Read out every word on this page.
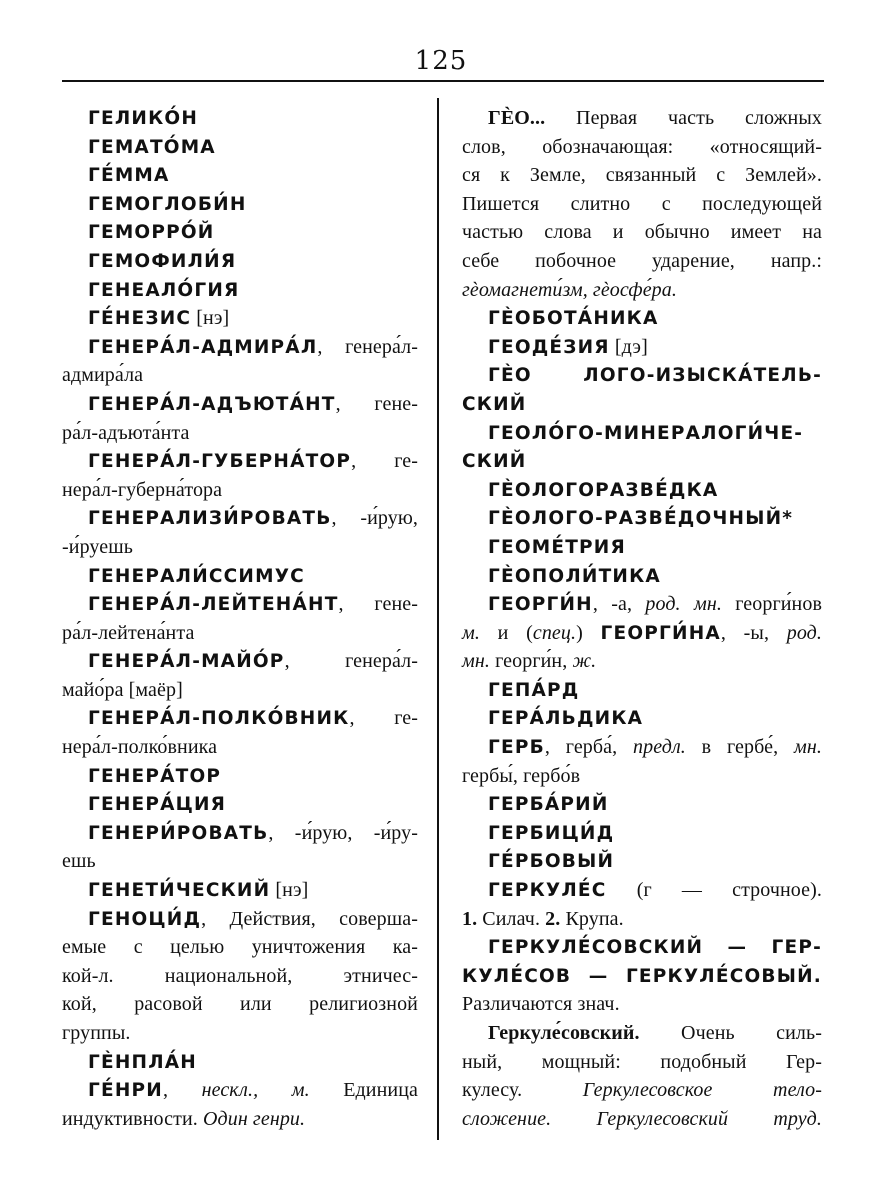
125
ГЕЛИКО́Н
ГЕМАТО́МА
ГЕ́ММА
ГЕМОГЛОБИ́Н
ГЕМОРРО́Й
ГЕМОФИЛИ́Я
ГЕНЕАЛО́ГИЯ
ГЕ́НЕЗИС [нэ]
ГЕНЕРА́Л-АДМИРА́Л, генера́л-
адмира́ла
ГЕНЕРА́Л-АДЪЮТА́НТ, гене-
ра́л-адъюта́нта
ГЕНЕРА́Л-ГУБЕРНА́ТОР, ге-
нера́л-губерна́тора
ГЕНЕРАЛИЗИ́РОВАТЬ, -и́рую,
-и́руешь
ГЕНЕРАЛИ́ССИМУС
ГЕНЕРА́Л-ЛЕЙТЕНА́НТ, гене-
ра́л-лейтена́нта
ГЕНЕРА́Л-МАЙО́Р, генера́л-
майо́ра [маёр]
ГЕНЕРА́Л-ПОЛКО́ВНИК, ге-
нера́л-полко́вника
ГЕНЕРА́ТОР
ГЕНЕРА́ЦИЯ
ГЕНЕРИ́РОВАТЬ, -и́рую, -и́ру-
ешь
ГЕНЕТИ́ЧЕСКИЙ [нэ]
ГЕНОЦИ́Д, Действия, соверша-
емые с целью уничтожения ка-
кой-л. национальной, этничес-
кой, расовой или религиозной
группы.
ГЀНПЛА́Н
ГЕ́НРИ, нескл., м. Единица
индуктивности. Один генри.
ГЀО... Первая часть сложных
слов, обозначающая: «относящий-
ся к Земле, связанный с Землей».
Пишется слитно с последующей
частью слова и обычно имеет на
себе побочное ударение, напр.:
гѐомагнети́зм, гѐосфе́ра.
ГЀОБОТА́НИКА
ГЕОДЕ́ЗИЯ [дэ]
ГЀО ЛОГО-ИЗЫСКА́ТЕЛЬ-
СКИЙ
ГЕОЛО́ГО-МИНЕРАЛОГИ́ЧЕ-
СКИЙ
ГЀОЛОГОРАЗВЕ́ДКА
ГЀОЛОГО-РАЗВЕ́ДОЧНЫЙ*
ГЕОМЕ́ТРИЯ
ГЀОПОЛИ́ТИКА
ГЕОРГИ́Н, -а, род. мн. георги́нов
м. и (спец.) ГЕОРГИ́НА, -ы, род.
мн. георги́н, ж.
ГЕПА́РД
ГЕРА́ЛЬДИКА
ГЕРБ, герба́, предл. в гербе́, мн.
гербы́, гербо́в
ГЕРБА́РИЙ
ГЕРБИЦИ́Д
ГЕ́РБОВЫЙ
ГЕРКУЛЕ́С (г — строчное).
1. Силач. 2. Крупа.
ГЕРКУЛЕ́СОВСКИЙ — ГЕР-
КУЛЕ́СОВ — ГЕРКУЛЕ́СОВЫЙ.
Различаются знач.
Геркуле́совский. Очень силь-
ный, мощный: подобный Гер-
кулесу. Геркулесовское тело-
сложение. Геркулесовский труд.
